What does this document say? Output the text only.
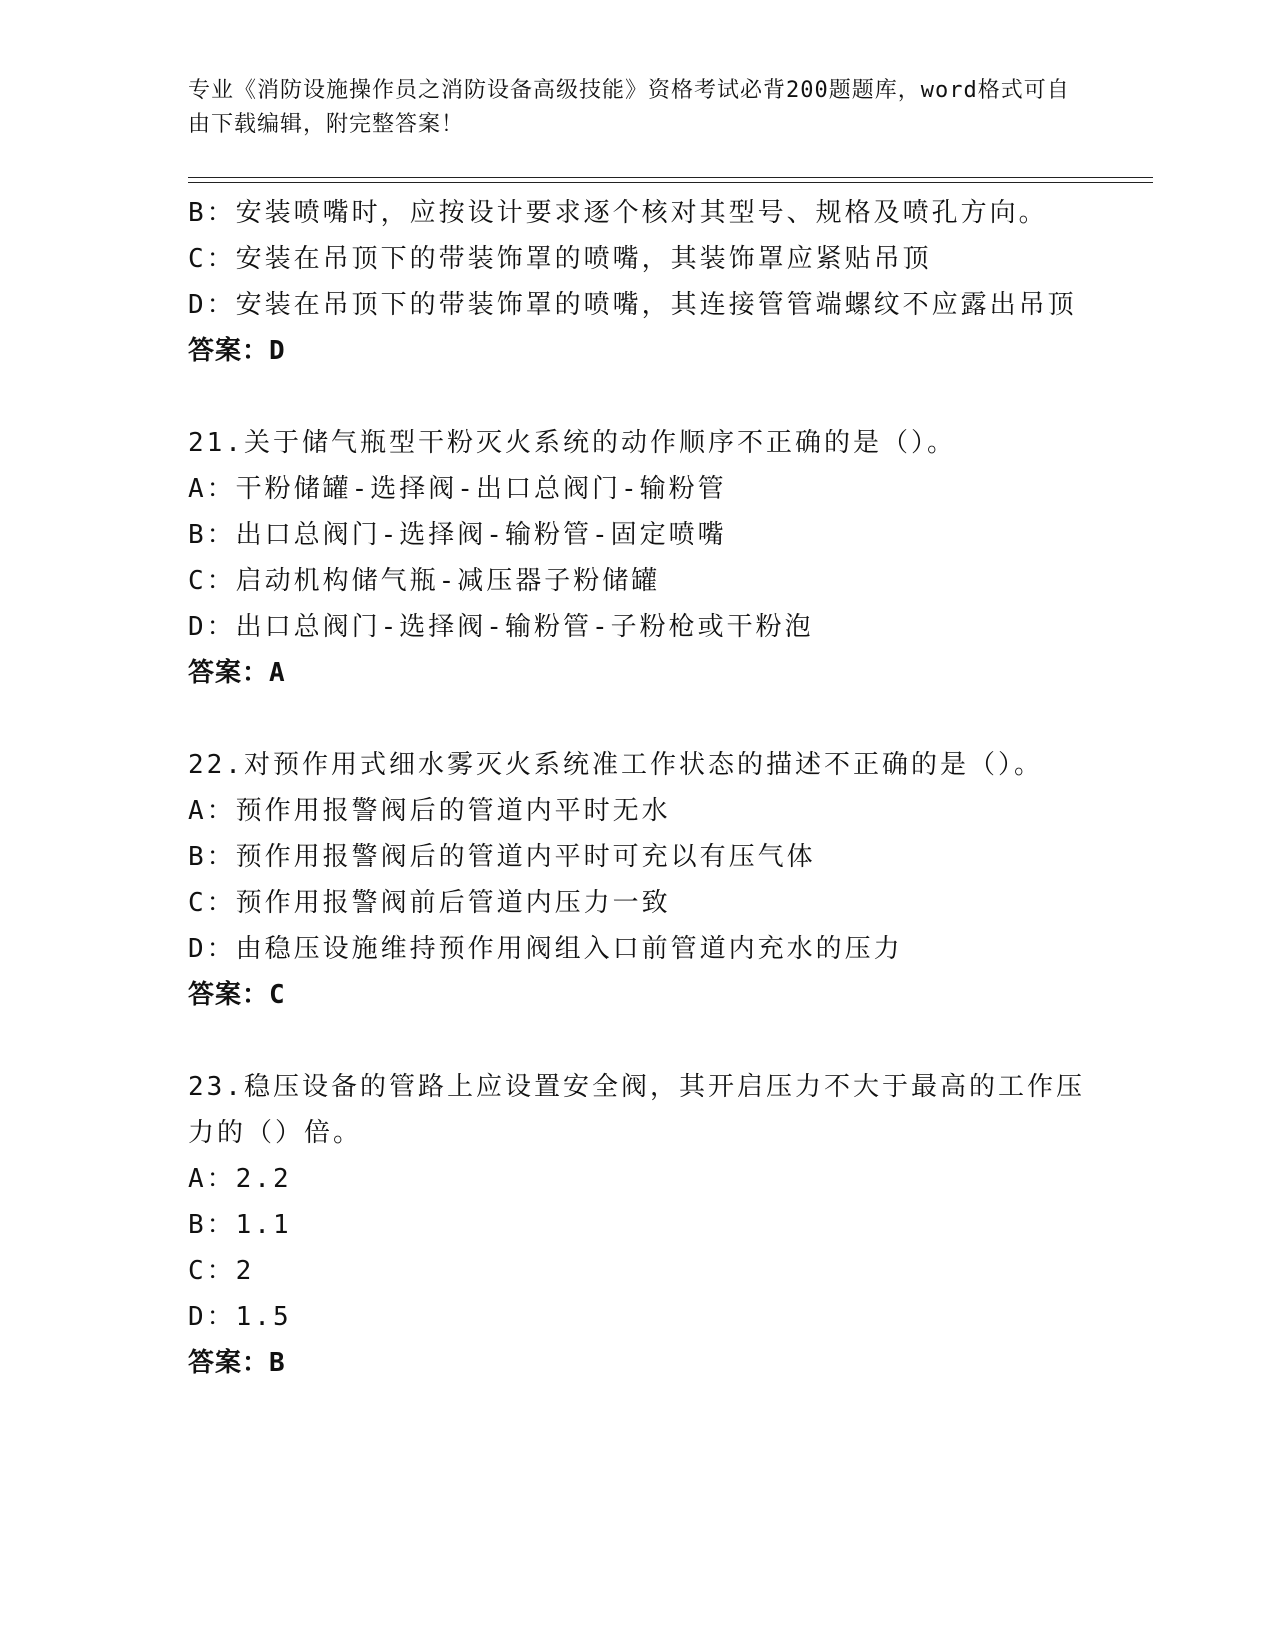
专业《消防设施操作员之消防设备高级技能》资格考试必背200题题库，word格式可自由下载编辑，附完整答案！
B：安装喷嘴时，应按设计要求逐个核对其型号、规格及喷孔方向。
C：安装在吊顶下的带装饰罩的喷嘴，其装饰罩应紧贴吊顶
D：安装在吊顶下的带装饰罩的喷嘴，其连接管管端螺纹不应露出吊顶
答案：D
21.关于储气瓶型干粉灭火系统的动作顺序不正确的是（）。
A：干粉储罐-选择阀-出口总阀门-输粉管
B：出口总阀门-选择阀-输粉管-固定喷嘴
C：启动机构储气瓶-减压器子粉储罐
D：出口总阀门-选择阀-输粉管-子粉枪或干粉泡
答案：A
22.对预作用式细水雾灭火系统准工作状态的描述不正确的是（）。
A：预作用报警阀后的管道内平时无水
B：预作用报警阀后的管道内平时可充以有压气体
C：预作用报警阀前后管道内压力一致
D：由稳压设施维持预作用阀组入口前管道内充水的压力
答案：C
23.稳压设备的管路上应设置安全阀，其开启压力不大于最高的工作压力的（）倍。
A：2.2
B：1.1
C：2
D：1.5
答案：B
